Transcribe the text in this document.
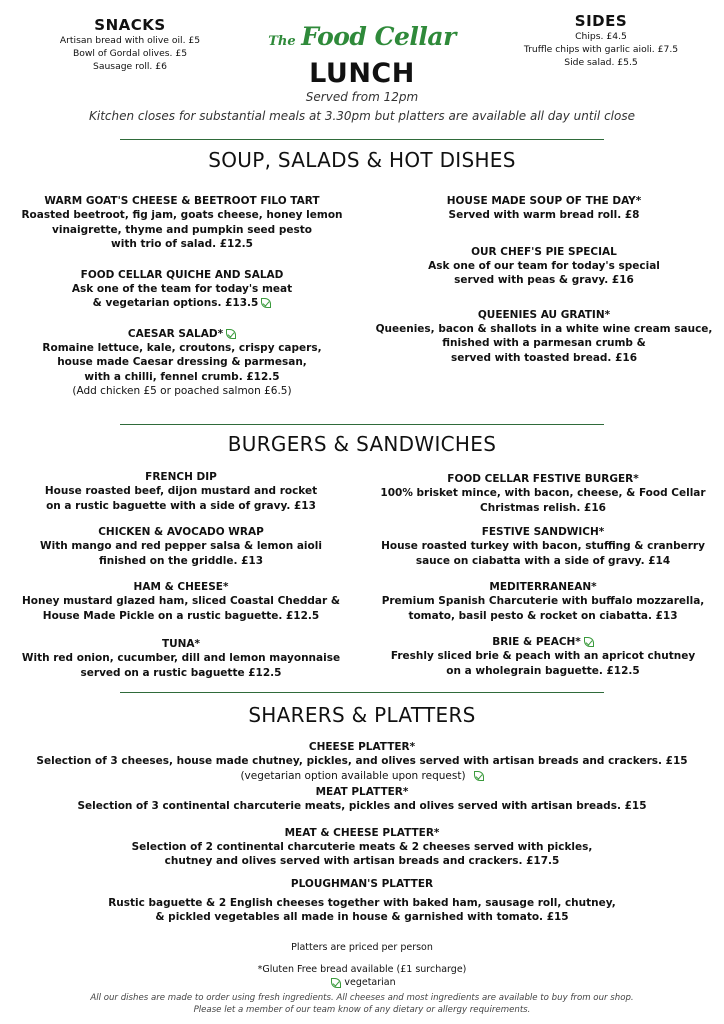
SNACKS
Artisan bread with olive oil. £5
Bowl of Gordal olives. £5
Sausage roll. £6
The Food Cellar
LUNCH
Served from 12pm
SIDES
Chips. £4.5
Truffle chips with garlic aioli. £7.5
Side salad. £5.5
Kitchen closes for substantial meals at 3.30pm but platters are available all day until close
SOUP, SALADS & HOT DISHES
WARM GOAT'S CHEESE & BEETROOT FILO TART
Roasted beetroot, fig jam, goats cheese, honey lemon
vinaigrette, thyme and pumpkin seed pesto
with trio of salad. £12.5
FOOD CELLAR QUICHE AND SALAD
Ask one of the team for today's meat
& vegetarian options. £13.5
CAESAR SALAD*
Romaine lettuce, kale, croutons, crispy capers,
house made Caesar dressing & parmesan,
with a chilli, fennel crumb. £12.5
(Add chicken £5 or poached salmon £6.5)
HOUSE MADE SOUP OF THE DAY*
Served with warm bread roll. £8
OUR CHEF'S PIE SPECIAL
Ask one of our team for today's special
served with peas & gravy. £16
QUEENIES AU GRATIN*
Queenies, bacon & shallots in a white wine cream sauce,
finished with a parmesan crumb &
served with toasted bread. £16
BURGERS & SANDWICHES
FRENCH DIP
House roasted beef, dijon mustard and rocket
on a rustic baguette with a side of gravy. £13
CHICKEN & AVOCADO WRAP
With mango and red pepper salsa & lemon aioli
finished on the griddle. £13
HAM & CHEESE*
Honey mustard glazed ham, sliced Coastal Cheddar &
House Made Pickle on a rustic baguette. £12.5
TUNA*
With red onion, cucumber, dill and lemon mayonnaise
served on a rustic baguette £12.5
FOOD CELLAR FESTIVE BURGER*
100% brisket mince, with bacon, cheese, & Food Cellar
Christmas relish. £16
FESTIVE SANDWICH*
House roasted turkey with bacon, stuffing & cranberry
sauce on ciabatta with a side of gravy. £14
MEDITERRANEAN*
Premium Spanish Charcuterie with buffalo mozzarella,
tomato, basil pesto & rocket on ciabatta. £13
BRIE & PEACH*
Freshly sliced brie & peach with an apricot chutney
on a wholegrain baguette. £12.5
SHARERS & PLATTERS
CHEESE PLATTER*
Selection of 3 cheeses, house made chutney, pickles, and olives served with artisan breads and crackers. £15
(vegetarian option available upon request)
MEAT PLATTER*
Selection of 3 continental charcuterie meats, pickles and olives served with artisan breads. £15
MEAT & CHEESE PLATTER*
Selection of 2 continental charcuterie meats & 2 cheeses served with pickles,
chutney and olives served with artisan breads and crackers. £17.5
PLOUGHMAN'S PLATTER
Rustic baguette & 2 English cheeses together with baked ham, sausage roll, chutney,
& pickled vegetables all made in house & garnished with tomato. £15
Platters are priced per person
*Gluten Free bread available (£1 surcharge)
vegetarian
All our dishes are made to order using fresh ingredients. All cheeses and most ingredients are available to buy from our shop.
Please let a member of our team know of any dietary or allergy requirements.
